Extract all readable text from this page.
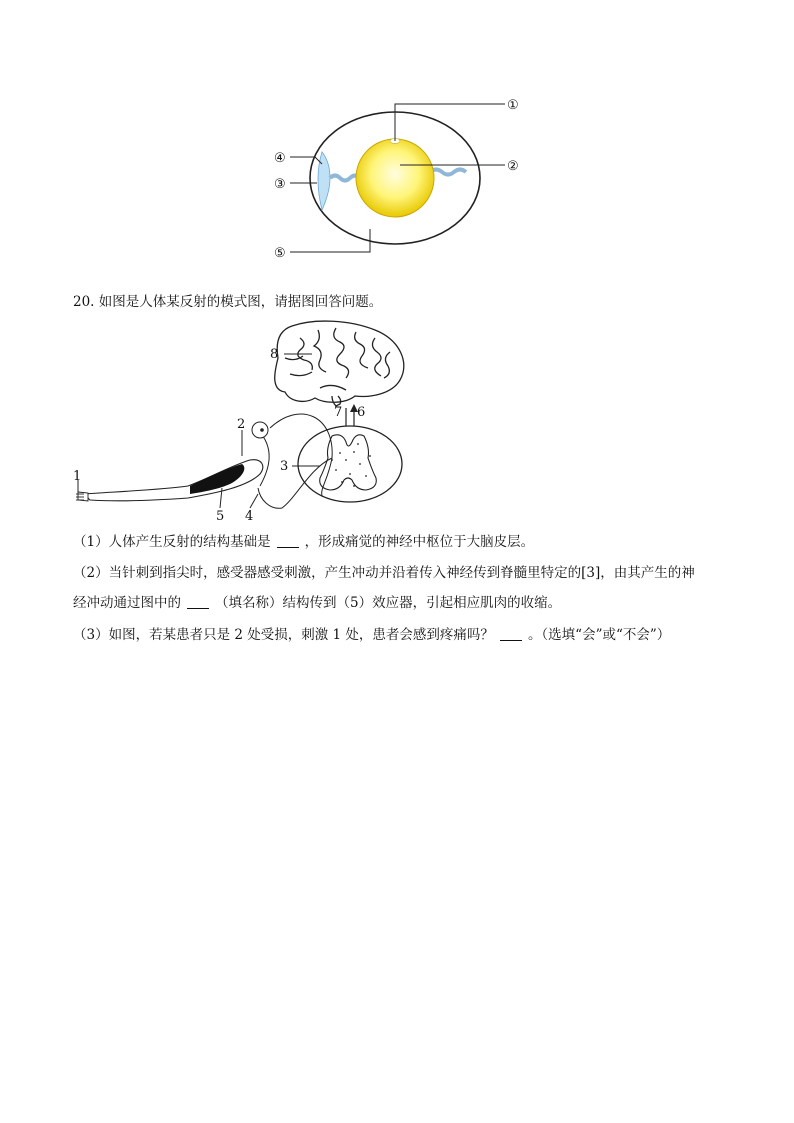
①
②
③
④
⑤
20. 如图是人体某反射的模式图，请据图回答问题。
1
2
3
4
5
6
7
8
（1）人体产生反射的结构基础是	，形成痛觉的神经中枢位于大脑皮层。
（2）当针刺到指尖时，感受器感受刺激，产生冲动并沿着传入神经传到脊髓里特定的[3]，由其产生的神
经冲动通过图中的	（填名称）结构传到（5）效应器，引起相应肌肉的收缩。
（3）如图，若某患者只是 2 处受损，刺激 1 处，患者会感到疼痛吗？	。（选填“会”或“不会”）
